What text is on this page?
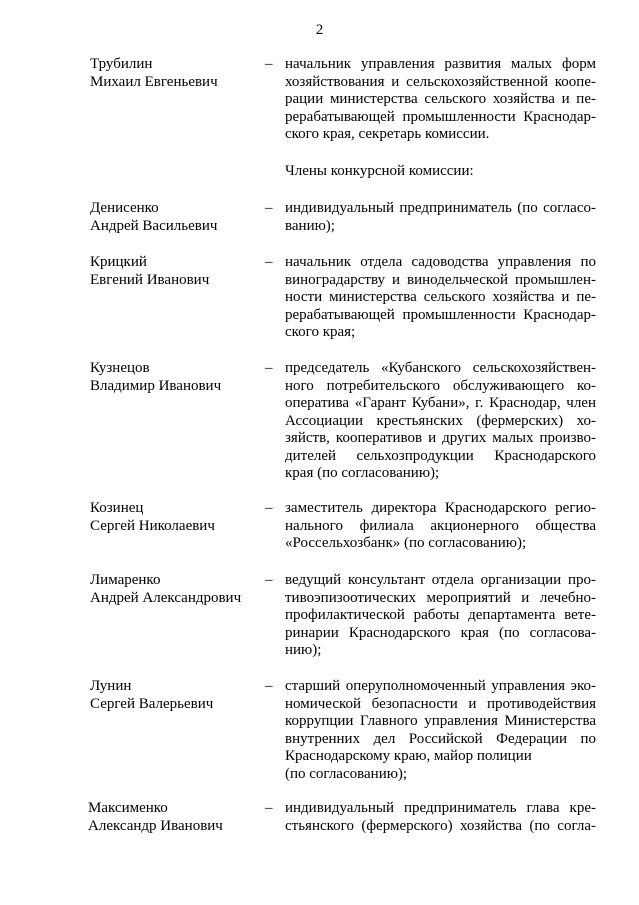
2
Трубилин
Михаил Евгеньевич
– начальник управления развития малых форм
хозяйствования и сельскохозяйственной коопе-
рации министерства сельского хозяйства и пе-
рерабатывающей промышленности Краснодар-
ского края, секретарь комиссии.
Члены конкурсной комиссии:
Денисенко
Андрей Васильевич
– индивидуальный предприниматель (по согласо-
ванию);
Крицкий
Евгений Иванович
– начальник отдела садоводства управления по
виноградарству и винодельческой промышлен-
ности министерства сельского хозяйства и пе-
рерабатывающей промышленности Краснодар-
ского края;
Кузнецов
Владимир Иванович
– председатель «Кубанского сельскохозяйствен-
ного потребительского обслуживающего ко-
оператива «Гарант Кубани», г. Краснодар, член
Ассоциации крестьянских (фермерских) хо-
зяйств, кооперативов и других малых произво-
дителей сельхозпродукции Краснодарского
края (по согласованию);
Козинец
Сергей Николаевич
– заместитель директора Краснодарского регио-
нального филиала акционерного общества
«Россельхозбанк» (по согласованию);
Лимаренко
Андрей Александрович
– ведущий консультант отдела организации про-
тивоэпизоотических мероприятий и лечебно-
профилактической работы департамента вете-
ринарии Краснодарского края (по согласова-
нию);
Лунин
Сергей Валерьевич
– старший оперуполномоченный управления эко-
номической безопасности и противодействия
коррупции Главного управления Министерства
внутренних дел Российской Федерации по
Краснодарскому краю, майор полиции
(по согласованию);
Максименко
Александр Иванович
– индивидуальный предприниматель глава кре-
стьянского (фермерского) хозяйства (по согла-
